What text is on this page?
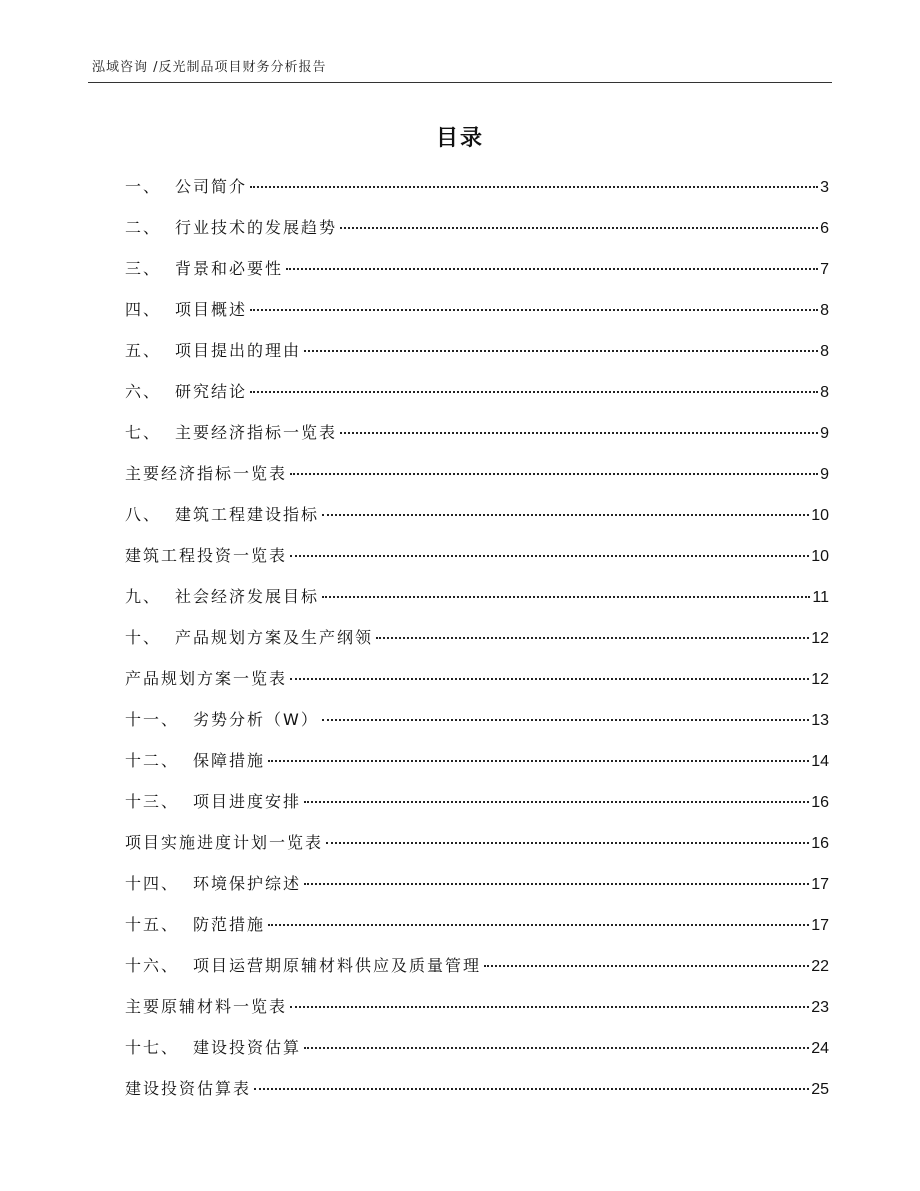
泓域咨询 /反光制品项目财务分析报告
目录
一、 公司简介	3
二、 行业技术的发展趋势	6
三、 背景和必要性	7
四、 项目概述	8
五、 项目提出的理由	8
六、 研究结论	8
七、 主要经济指标一览表	9
主要经济指标一览表	9
八、 建筑工程建设指标	10
建筑工程投资一览表	10
九、 社会经济发展目标	11
十、 产品规划方案及生产纲领	12
产品规划方案一览表	12
十一、 劣势分析（W）	13
十二、 保障措施	14
十三、 项目进度安排	16
项目实施进度计划一览表	16
十四、 环境保护综述	17
十五、 防范措施	17
十六、 项目运营期原辅材料供应及质量管理	22
主要原辅材料一览表	23
十七、 建设投资估算	24
建设投资估算表	25
